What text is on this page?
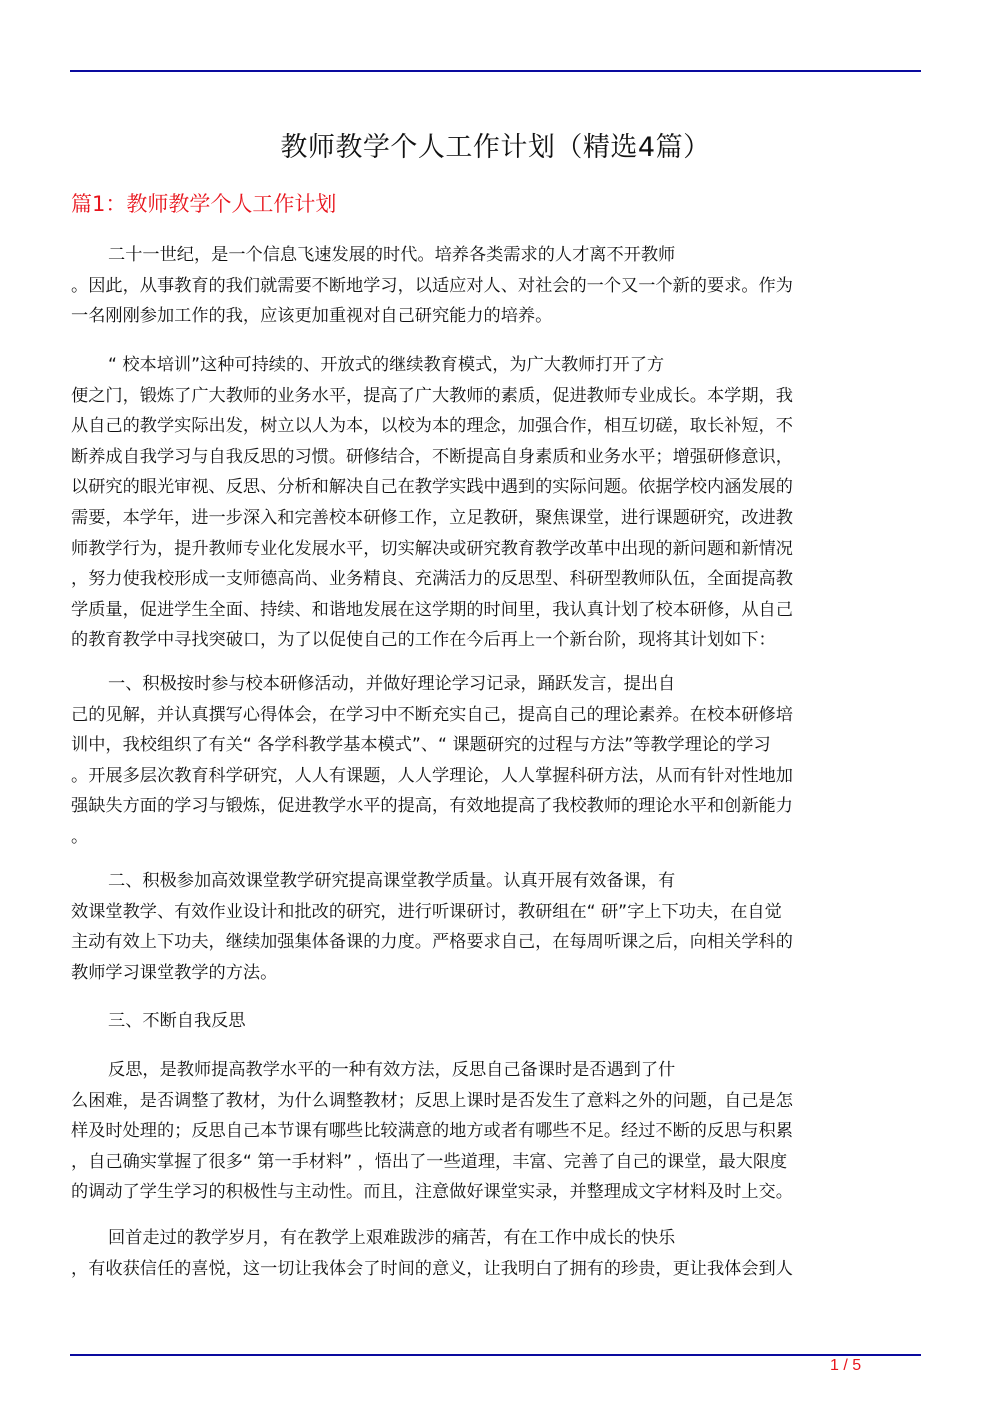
教师教学个人工作计划（精选4篇）
篇1：教师教学个人工作计划
二十一世纪，是一个信息飞速发展的时代。培养各类需求的人才离不开教师
。因此，从事教育的我们就需要不断地学习，以适应对人、对社会的一个又一个新的要求。作为
一名刚刚参加工作的我，应该更加重视对自己研究能力的培养。
“ 校本培训”这种可持续的、开放式的继续教育模式，为广大教师打开了方
便之门，锻炼了广大教师的业务水平，提高了广大教师的素质，促进教师专业成长。本学期，我
从自己的教学实际出发，树立以人为本，以校为本的理念，加强合作，相互切磋，取长补短，不
断养成自我学习与自我反思的习惯。研修结合，不断提高自身素质和业务水平；增强研修意识，
以研究的眼光审视、反思、分析和解决自己在教学实践中遇到的实际问题。依据学校内涵发展的
需要，本学年，进一步深入和完善校本研修工作，立足教研，聚焦课堂，进行课题研究，改进教
师教学行为，提升教师专业化发展水平，切实解决或研究教育教学改革中出现的新问题和新情况
，努力使我校形成一支师德高尚、业务精良、充满活力的反思型、科研型教师队伍，全面提高教
学质量，促进学生全面、持续、和谐地发展在这学期的时间里，我认真计划了校本研修，从自己
的教育教学中寻找突破口，为了以促使自己的工作在今后再上一个新台阶，现将其计划如下：
一、积极按时参与校本研修活动，并做好理论学习记录，踊跃发言，提出自
己的见解，并认真撰写心得体会，在学习中不断充实自己，提高自己的理论素养。在校本研修培
训中，我校组织了有关“ 各学科教学基本模式”、“ 课题研究的过程与方法”等教学理论的学习
。开展多层次教育科学研究，人人有课题，人人学理论，人人掌握科研方法，从而有针对性地加
强缺失方面的学习与锻炼，促进教学水平的提高，有效地提高了我校教师的理论水平和创新能力
。
二、积极参加高效课堂教学研究提高课堂教学质量。认真开展有效备课，有
效课堂教学、有效作业设计和批改的研究，进行听课研讨，教研组在“ 研”字上下功夫，在自觉
主动有效上下功夫，继续加强集体备课的力度。严格要求自己，在每周听课之后，向相关学科的
教师学习课堂教学的方法。
三、不断自我反思
反思，是教师提高教学水平的一种有效方法，反思自己备课时是否遇到了什
么困难，是否调整了教材，为什么调整教材；反思上课时是否发生了意料之外的问题，自己是怎
样及时处理的；反思自己本节课有哪些比较满意的地方或者有哪些不足。经过不断的反思与积累
，自己确实掌握了很多“ 第一手材料” ，悟出了一些道理，丰富、完善了自己的课堂，最大限度
的调动了学生学习的积极性与主动性。而且，注意做好课堂实录，并整理成文字材料及时上交。
回首走过的教学岁月，有在教学上艰难跋涉的痛苦，有在工作中成长的快乐
，有收获信任的喜悦，这一切让我体会了时间的意义，让我明白了拥有的珍贵，更让我体会到人
1 / 5
